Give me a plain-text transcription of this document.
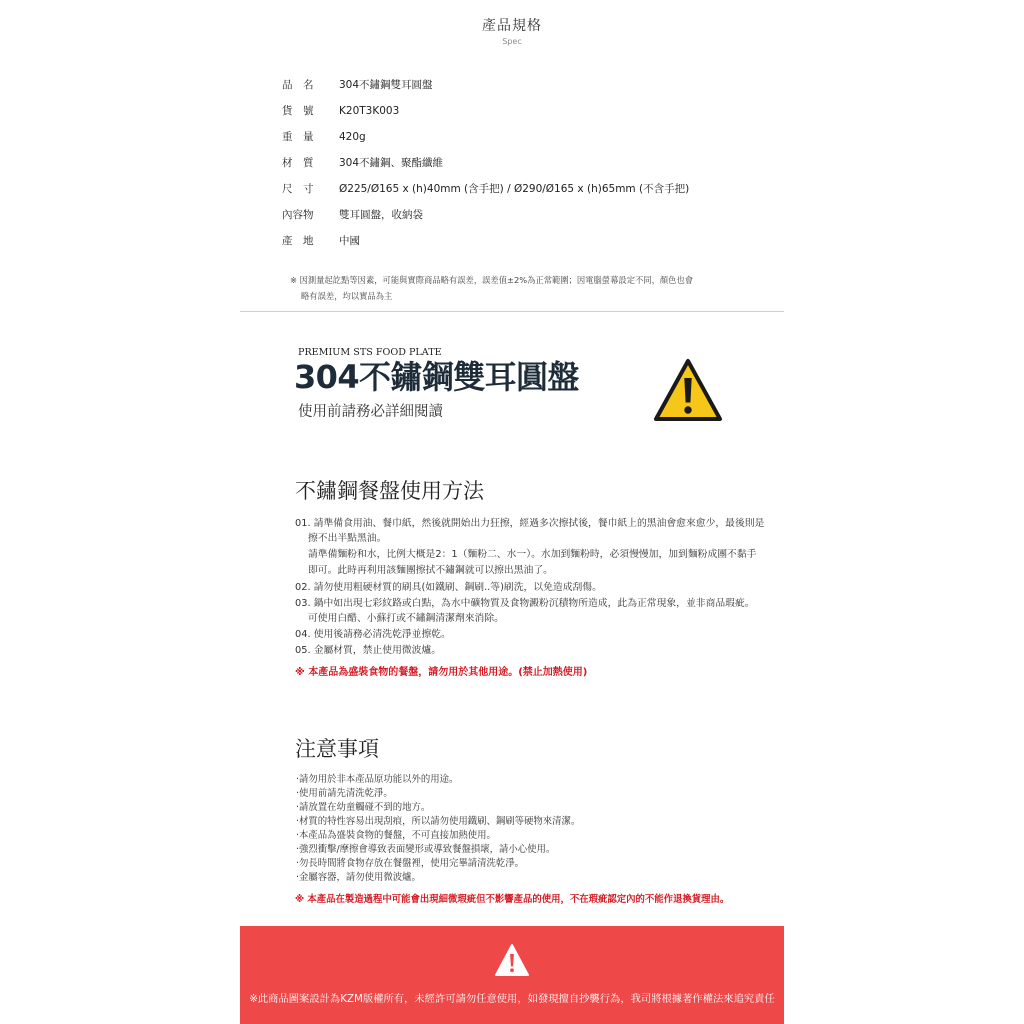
產品規格
Spec
品　名 304不鏽鋼雙耳圓盤
貨　號 K20T3K003
重　量 420g
材　質 304不鏽鋼、聚酯纖維
尺　寸 Ø225/Ø165 x (h)40mm (含手把) / Ø290/Ø165 x (h)65mm (不含手把)
內容物 雙耳圓盤，收納袋
產　地 中國
※ 因測量起訖點等因素，可能與實際商品略有誤差，誤差值±2%為正常範圍；因電腦螢幕設定不同，顏色也會
略有誤差，均以實品為主
PREMIUM STS FOOD PLATE
304不鏽鋼雙耳圓盤
使用前請務必詳細閱讀
不鏽鋼餐盤使用方法
01. 請準備食用油、餐巾紙，然後就開始出力狂擦，經過多次擦拭後，餐巾紙上的黑油會愈來愈少，最後則是
擦不出半點黑油。
請準備麵粉和水，比例大概是2：1（麵粉二、水一）。水加到麵粉時，必須慢慢加，加到麵粉成團不黏手
即可。此時再利用該麵團擦拭不鏽鋼就可以擦出黑油了。
02. 請勿使用粗硬材質的刷具(如鐵刷、鋼刷..等)刷洗，以免造成刮傷。
03. 鍋中如出現七彩紋路或白點，為水中礦物質及食物澱粉沉積物所造成，此為正常現象，並非商品瑕疵。
可使用白醋、小蘇打或不鏽鋼清潔劑來消除。
04. 使用後請務必清洗乾淨並擦乾。
05. 金屬材質，禁止使用微波爐。
※ 本產品為盛裝食物的餐盤，請勿用於其他用途。(禁止加熱使用)
注意事項
·請勿用於非本產品原功能以外的用途。
·使用前請先清洗乾淨。
·請放置在幼童觸碰不到的地方。
·材質的特性容易出現刮痕，所以請勿使用鐵刷、鋼刷等硬物來清潔。
·本產品為盛裝食物的餐盤，不可直接加熱使用。
·強烈衝擊/摩擦會導致表面變形或導致餐盤損壞，請小心使用。
·勿長時間將食物存放在餐盤裡，使用完畢請清洗乾淨。
·金屬容器，請勿使用微波爐。
※ 本產品在製造過程中可能會出現細微瑕疵但不影響產品的使用，不在瑕疵認定內的不能作退換貨理由。
※此商品圖案設計為KZM版權所有，未經許可請勿任意使用，如發現擅自抄襲行為，我司將根據著作權法來追究責任
